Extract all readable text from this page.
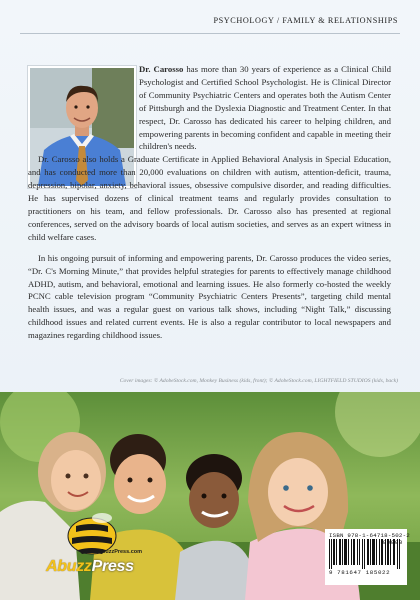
PSYCHOLOGY / FAMILY & RELATIONSHIPS

Dr. Carosso has more than 30 years of experience as a Clinical Child Psychologist and Certified School Psychologist. He is Clinical Director of Community Psychiatric Centers and operates both the Autism Center of Pittsburgh and the Dyslexia Diagnostic and Treatment Center. In that respect, Dr. Carosso has dedicated his career to helping children, and empowering parents in becoming confident and capable in meeting their children's needs.

Dr. Carosso also holds a Graduate Certificate in Applied Behavioral Analysis in Special Education, and has conducted more than 20,000 evaluations on children with autism, attention-deficit, trauma, depression, bipolar, anxiety, behavioral issues, obsessive compulsive disorder, and reading difficulties. He has supervised dozens of clinical treatment teams and regularly provides consultation to practitioners on his team, and fellow professionals. Dr. Carosso also has presented at regional conferences, served on the advisory boards of local autism societies, and serves as an expert witness in child welfare cases.

In his ongoing pursuit of informing and empowering parents, Dr. Carosso produces the video series, “Dr. C's Morning Minute,” that provides helpful strategies for parents to effectively manage childhood ADHD, autism, and behavioral, emotional and learning issues. He also formerly co-hosted the weekly PCNC cable television program “Community Psychiatric Centers Presents”, targeting child mental health issues, and was a regular guest on various talk shows, including “Night Talk,” discussing childhood issues and related current events. He is also a regular contributor to local newspapers and magazines regarding childhood issues.

Cover images: © AdobeStock.com, Monkey Business (kids, front); © AdobeStock.com, LIGHTFIELD STUDIOS (kids, back)
AbuzzPress.com
AbuzzPress
ISBN 978-1-64718-502-2
9 781647 185022
90000
